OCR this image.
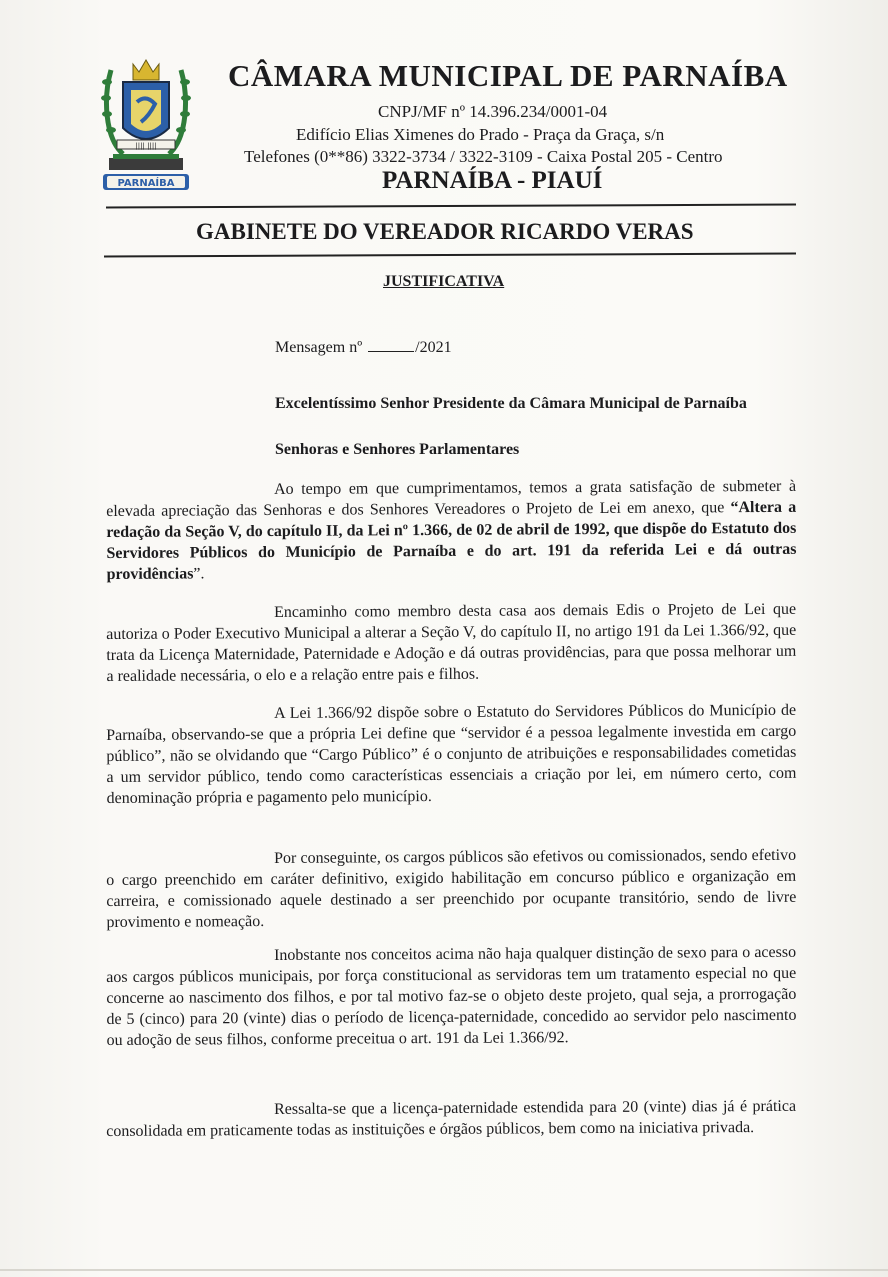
|||| ||||
PARNAÍBA
CÂMARA MUNICIPAL DE PARNAÍBA
CNPJ/MF nº 14.396.234/0001-04
Edifício Elias Ximenes do Prado - Praça da Graça, s/n
Telefones (0**86) 3322-3734 / 3322-3109 - Caixa Postal 205 - Centro
PARNAÍBA - PIAUÍ
GABINETE DO VEREADOR RICARDO VERAS
JUSTIFICATIVA
Mensagem nº	/2021
Excelentíssimo Senhor Presidente da Câmara Municipal de Parnaíba
Senhoras e Senhores Parlamentares
Ao tempo em que cumprimentamos, temos a grata satisfação de submeter à elevada apreciação das Senhoras e dos Senhores Vereadores o Projeto de Lei em anexo, que “Altera a redação da Seção V, do capítulo II, da Lei nº 1.366, de 02 de abril de 1992, que dispõe do Estatuto dos Servidores Públicos do Município de Parnaíba e do art. 191 da referida Lei e dá outras providências”.
Encaminho como membro desta casa aos demais Edis o Projeto de Lei que autoriza o Poder Executivo Municipal a alterar a Seção V, do capítulo II, no artigo 191 da Lei 1.366/92, que trata da Licença Maternidade, Paternidade e Adoção e dá outras providências, para que possa melhorar um a realidade necessária, o elo e a relação entre pais e filhos.
A Lei 1.366/92 dispõe sobre o Estatuto do Servidores Públicos do Município de Parnaíba, observando-se que a própria Lei define que “servidor é a pessoa legalmente investida em cargo público”, não se olvidando que “Cargo Público” é o conjunto de atribuições e responsabilidades cometidas a um servidor público, tendo como características essenciais a criação por lei, em número certo, com denominação própria e pagamento pelo município.
Por conseguinte, os cargos públicos são efetivos ou comissionados, sendo efetivo o cargo preenchido em caráter definitivo, exigido habilitação em concurso público e organização em carreira, e comissionado aquele destinado a ser preenchido por ocupante transitório, sendo de livre provimento e nomeação.
Inobstante nos conceitos acima não haja qualquer distinção de sexo para o acesso aos cargos públicos municipais, por força constitucional as servidoras tem um tratamento especial no que concerne ao nascimento dos filhos, e por tal motivo faz-se o objeto deste projeto, qual seja, a prorrogação de 5 (cinco) para 20 (vinte) dias o período de licença-paternidade, concedido ao servidor pelo nascimento ou adoção de seus filhos, conforme preceitua o art. 191 da Lei 1.366/92.
Ressalta-se que a licença-paternidade estendida para 20 (vinte) dias já é prática consolidada em praticamente todas as instituições e órgãos públicos, bem como na iniciativa privada.
